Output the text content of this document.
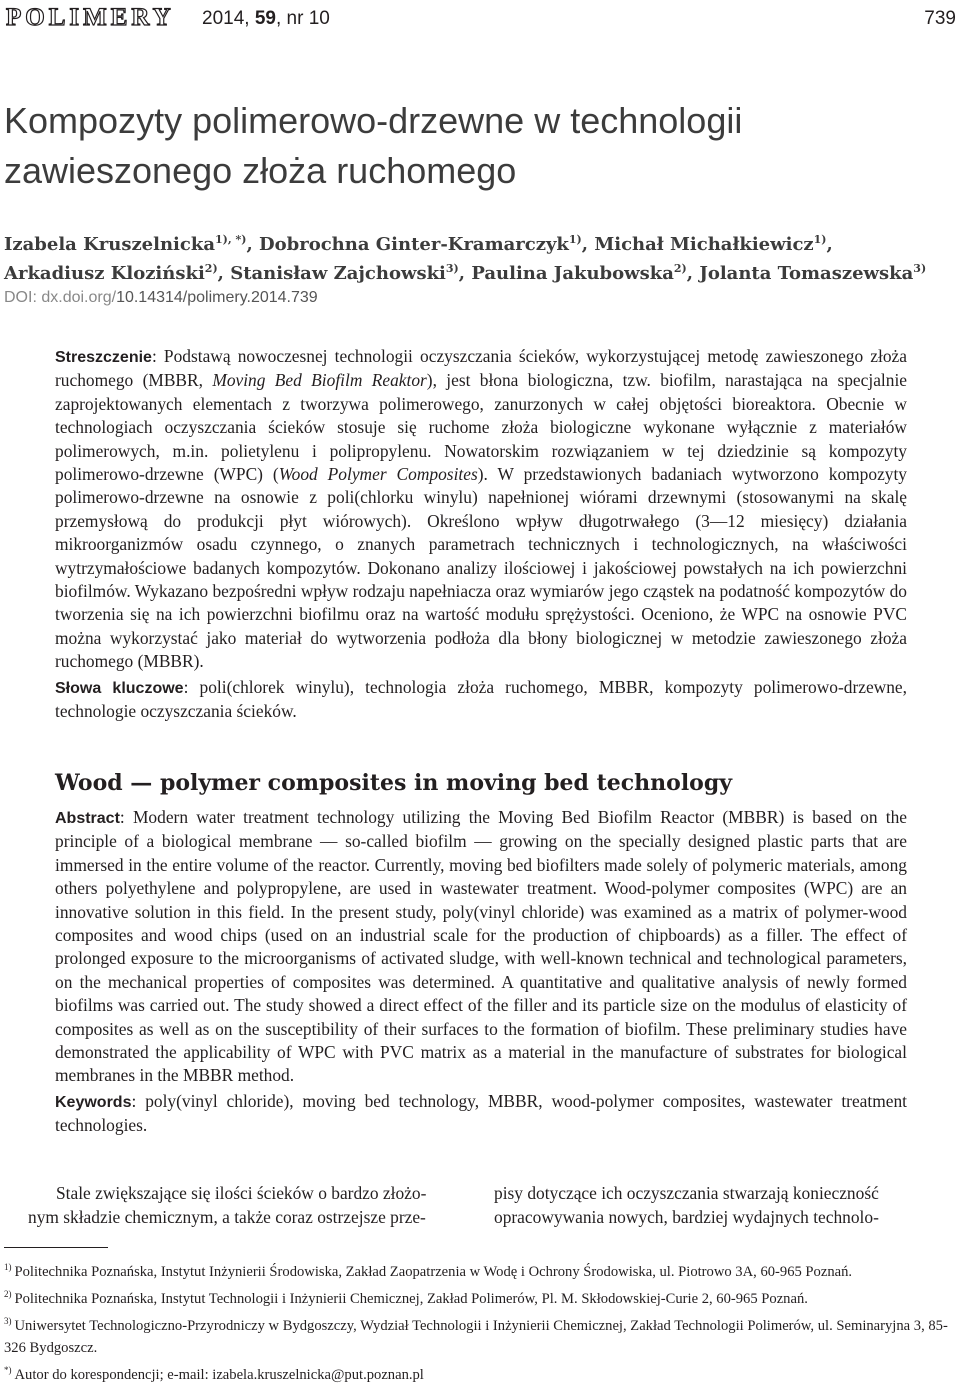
POLIMERY 2014, 59, nr 10	739
Kompozyty polimerowo-drzewne w technologii
zawieszonego złoża ruchomego
Izabela Kruszelnicka$^{1), *)}$, Dobrochna Ginter-Kramarczyk$^{1)}$, Michał Michałkiewicz$^{1)}$,
Arkadiusz Kloziński$^{2)}$, Stanisław Zajchowski$^{3)}$, Paulina Jakubowska$^{2)}$, Jolanta Tomaszewska$^{3)}$
DOI: dx.doi.org/10.14314/polimery.2014.739

Streszczenie: Podstawą nowoczesnej technologii oczyszczania ścieków, wykorzystującej metodę zawieszonego złoża ruchomego (MBBR, Moving Bed Biofilm Reaktor), jest błona biologiczna, tzw. biofilm, narastająca na specjalnie zaprojektowanych elementach z tworzywa polimerowego, zanurzonych w całej objętości bioreaktora. Obecnie w technologiach oczyszczania ścieków stosuje się ruchome złoża biologiczne wykonane wyłącznie z materiałów polimerowych, m.in. polietylenu i polipropylenu. Nowatorskim rozwiązaniem w tej dziedzinie są kompozyty polimerowo-drzewne (WPC) (Wood Polymer Composites). W przedstawionych badaniach wytworzono kompozyty polimerowo-drzewne na osnowie z poli(chlorku winylu) napełnionej wiórami drzewnymi (stosowanymi na skalę przemysłową do produkcji płyt wiórowych). Określono wpływ długotrwałego (3—12 miesięcy) działania mikroorganizmów osadu czynnego, o znanych parametrach technicznych i technologicznych, na właściwości wytrzymałościowe badanych kompozytów. Dokonano analizy ilościowej i jakościowej powstałych na ich powierzchni biofilmów. Wykazano bezpośredni wpływ rodzaju napełniacza oraz wymiarów jego cząstek na podatność kompozytów do tworzenia się na ich powierzchni biofilmu oraz na wartość modułu sprężystości. Oceniono, że WPC na osnowie PVC można wykorzystać jako materiał do wytworzenia podłoża dla błony biologicznej w metodzie zawieszonego złoża ruchomego (MBBR).

Słowa kluczowe: poli(chlorek winylu), technologia złoża ruchomego, MBBR, kompozyty polimerowo-drzewne, technologie oczyszczania ścieków.

Wood — polymer composites in moving bed technology

Abstract: Modern water treatment technology utilizing the Moving Bed Biofilm Reactor (MBBR) is based on the principle of a biological membrane — so-called biofilm — growing on the specially designed plastic parts that are immersed in the entire volume of the reactor. Currently, moving bed biofilters made solely of polymeric materials, among others polyethylene and polypropylene, are used in wastewater treatment. Wood-polymer composites (WPC) are an innovative solution in this field. In the present study, poly(vinyl chloride) was examined as a matrix of polymer-wood composites and wood chips (used on an industrial scale for the production of chipboards) as a filler. The effect of prolonged exposure to the microorganisms of activated sludge, with well-known technical and technological parameters, on the mechanical properties of composites was determined. A quantitative and qualitative analysis of newly formed biofilms was carried out. The study showed a direct effect of the filler and its particle size on the modulus of elasticity of composites as well as on the susceptibility of their surfaces to the formation of biofilm. These preliminary studies have demonstrated the applicability of WPC with PVC matrix as a material in the manufacture of substrates for biological membranes in the MBBR method.

Keywords: poly(vinyl chloride), moving bed technology, MBBR, wood-polymer composites, wastewater treatment technologies.

Stale zwiększające się ilości ścieków o bardzo złożo-
nym składzie chemicznym, a także coraz ostrzejsze prze-
pisy dotyczące ich oczyszczania stwarzają konieczność
opracowywania nowych, bardziej wydajnych technolo-
$^{1)}$ Politechnika Poznańska, Instytut Inżynierii Środowiska, Zakład Zaopatrzenia w Wodę i Ochrony Środowiska, ul. Piotrowo 3A, 60-965 Poznań.
$^{2)}$ Politechnika Poznańska, Instytut Technologii i Inżynierii Chemicznej, Zakład Polimerów, Pl. M. Skłodowskiej-Curie 2, 60-965 Poznań.
$^{3)}$ Uniwersytet Technologiczno-Przyrodniczy w Bydgoszczy, Wydział Technologii i Inżynierii Chemicznej, Zakład Technologii Polimerów, ul. Seminaryjna 3, 85-326 Bydgoszcz.
*) Autor do korespondencji; e-mail: izabela.kruszelnicka@put.poznan.pl
